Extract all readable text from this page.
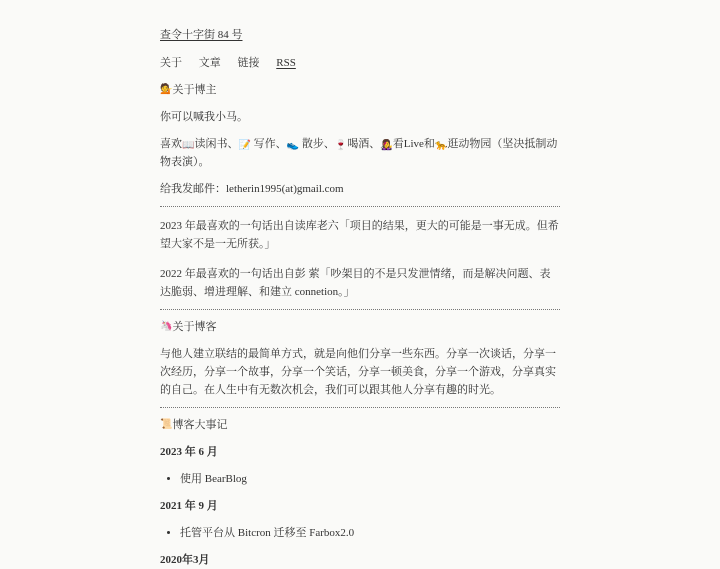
查令十字街 84 号
关于 文章 链接 RSS
💁 关于博主

你可以喊我小马。

喜欢📖读闲书、📝 写作、👟 散步、🍷喝酒、👩‍🎤看Live和🐆逛动物园（坚决抵制动物表演）。

给我发邮件：letherin1995(at)gmail.com

2023 年最喜欢的一句话出自读库老六「项目的结果，更大的可能是一事无成。但希望大家不是一无所获。」

2022 年最喜欢的一句话出自彭 萦「吵架目的不是只发泄情绪，而是解决问题、表达脆弱、增进理解、和建立 connetion。」

🦄 关于博客

与他人建立联结的最简单方式，就是向他们分享一些东西。分享一次谈话，分享一次经历，分享一个故事，分享一个笑话，分享一顿美食，分享一个游戏，分享真实的自己。在人生中有无数次机会，我们可以跟其他人分享有趣的时光。

📜 博客大事记
2023 年 6 月
• 使用 BearBlog
2021 年 9 月
• 托管平台从 Bitcron 迁移至 Farbox2.0
2020年3月
